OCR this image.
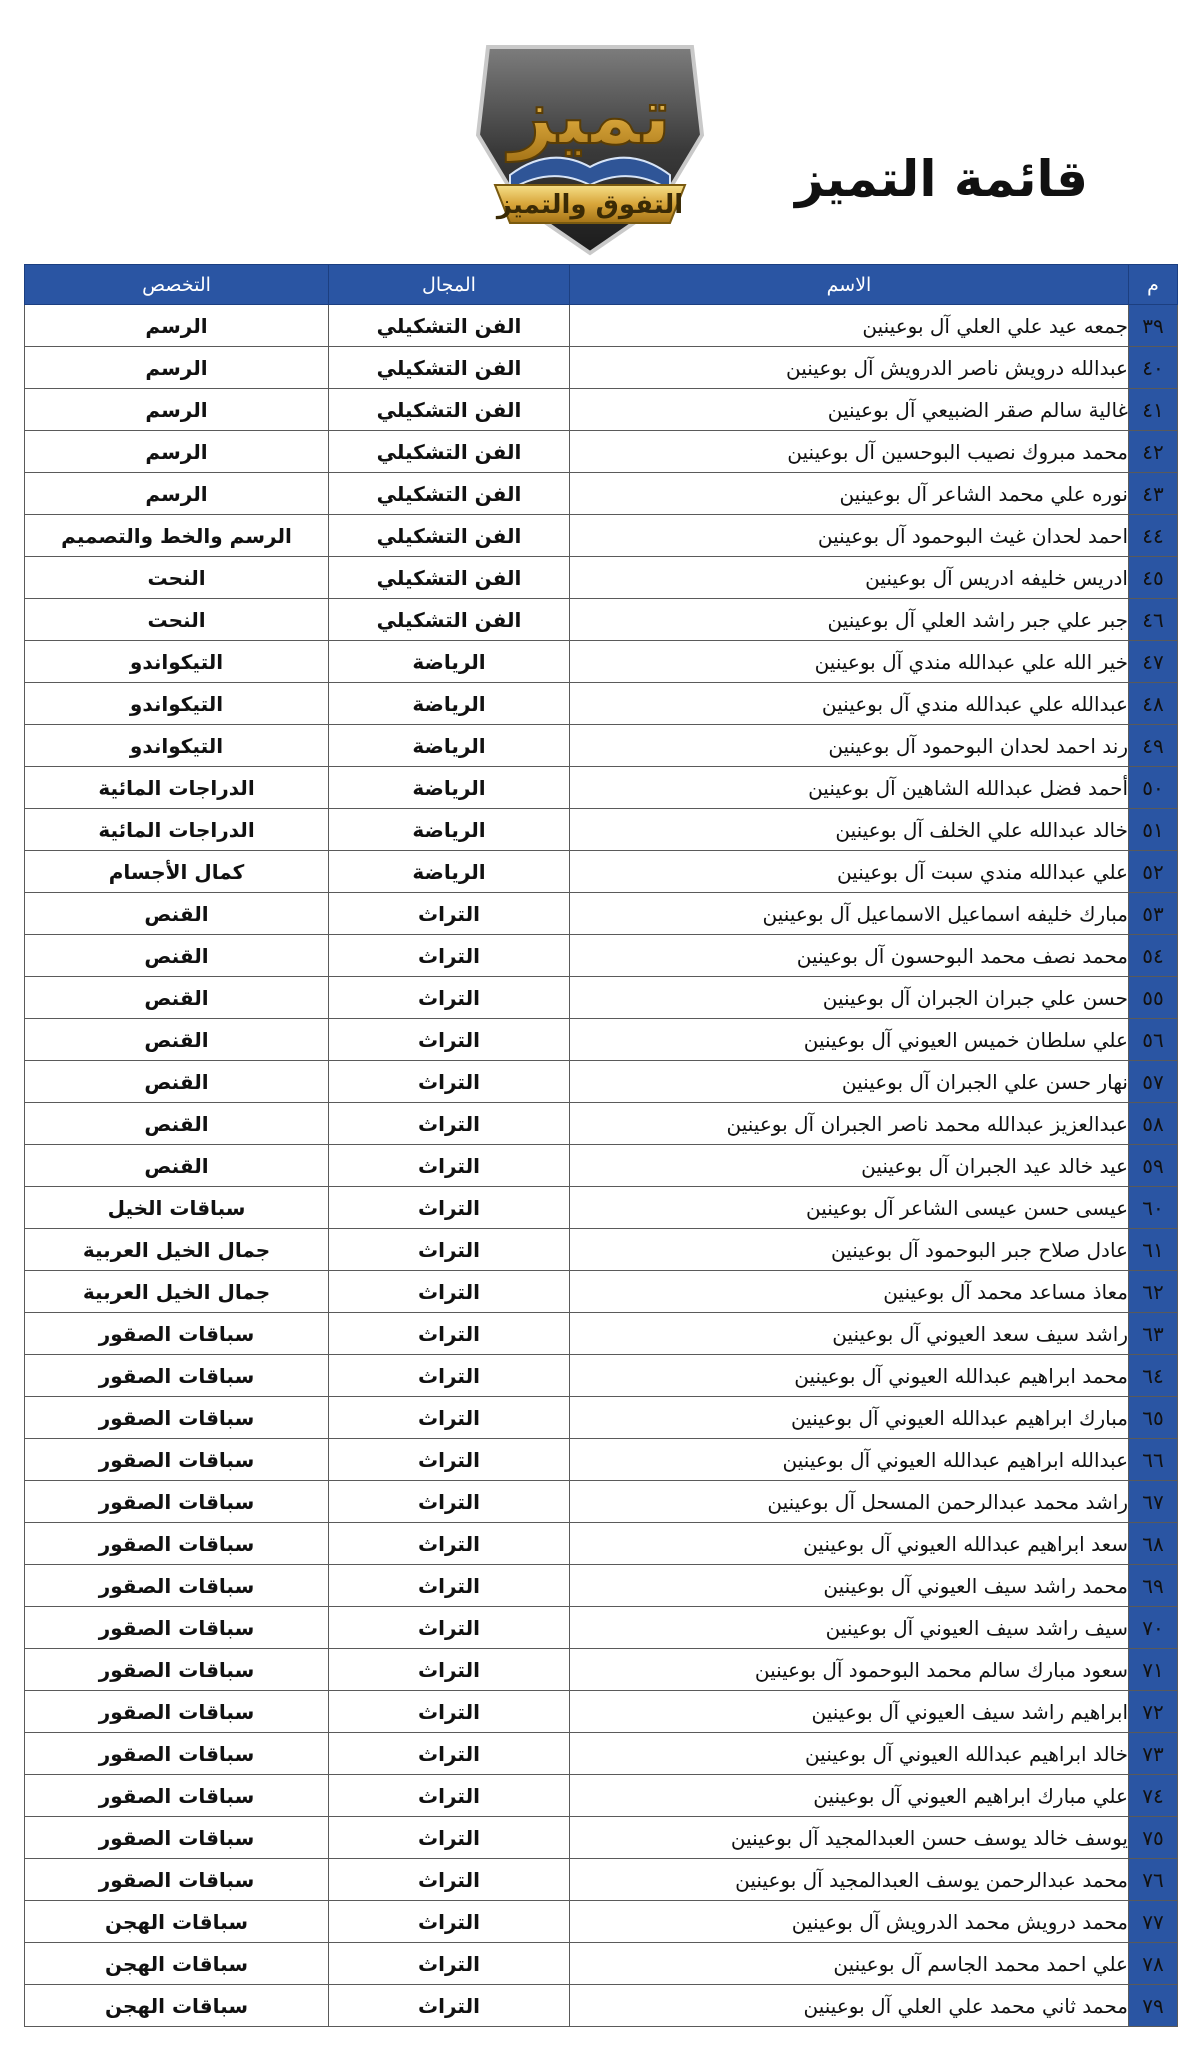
تميز
التفوق والتميز قائمة التميز
م	الاسم	المجال	التخصص
٣٩	جمعه عيد علي العلي آل بوعينين	الفن التشكيلي	الرسم
٤٠	عبدالله درويش ناصر الدرويش آل بوعينين	الفن التشكيلي	الرسم
٤١	غالية سالم صقر الضبيعي آل بوعينين	الفن التشكيلي	الرسم
٤٢	محمد مبروك نصيب البوحسين آل بوعينين	الفن التشكيلي	الرسم
٤٣	نوره علي محمد الشاعر آل بوعينين	الفن التشكيلي	الرسم
٤٤	احمد لحدان غيث البوحمود آل بوعينين	الفن التشكيلي	الرسم والخط والتصميم
٤٥	ادريس خليفه ادريس آل بوعينين	الفن التشكيلي	النحت
٤٦	جبر علي جبر راشد العلي آل بوعينين	الفن التشكيلي	النحت
٤٧	خير الله علي عبدالله مندي آل بوعينين	الرياضة	التيكواندو
٤٨	عبدالله علي عبدالله مندي آل بوعينين	الرياضة	التيكواندو
٤٩	رند احمد لحدان البوحمود آل بوعينين	الرياضة	التيكواندو
٥٠	أحمد فضل عبدالله الشاهين آل بوعينين	الرياضة	الدراجات المائية
٥١	خالد عبدالله علي الخلف آل بوعينين	الرياضة	الدراجات المائية
٥٢	علي عبدالله مندي سبت آل بوعينين	الرياضة	كمال الأجسام
٥٣	مبارك خليفه اسماعيل الاسماعيل آل بوعينين	التراث	القنص
٥٤	محمد نصف محمد البوحسون آل بوعينين	التراث	القنص
٥٥	حسن علي جبران الجبران آل بوعينين	التراث	القنص
٥٦	علي سلطان خميس العيوني آل بوعينين	التراث	القنص
٥٧	نهار حسن علي الجبران آل بوعينين	التراث	القنص
٥٨	عبدالعزيز عبدالله محمد ناصر الجبران آل بوعينين	التراث	القنص
٥٩	عيد خالد عيد الجبران آل بوعينين	التراث	القنص
٦٠	عيسى حسن عيسى الشاعر آل بوعينين	التراث	سباقات الخيل
٦١	عادل صلاح جبر البوحمود آل بوعينين	التراث	جمال الخيل العربية
٦٢	معاذ مساعد محمد آل بوعينين	التراث	جمال الخيل العربية
٦٣	راشد سيف سعد العيوني آل بوعينين	التراث	سباقات الصقور
٦٤	محمد ابراهيم عبدالله العيوني آل بوعينين	التراث	سباقات الصقور
٦٥	مبارك ابراهيم عبدالله العيوني آل بوعينين	التراث	سباقات الصقور
٦٦	عبدالله ابراهيم عبدالله العيوني آل بوعينين	التراث	سباقات الصقور
٦٧	راشد محمد عبدالرحمن المسحل آل بوعينين	التراث	سباقات الصقور
٦٨	سعد ابراهيم عبدالله العيوني آل بوعينين	التراث	سباقات الصقور
٦٩	محمد راشد سيف العيوني آل بوعينين	التراث	سباقات الصقور
٧٠	سيف راشد سيف العيوني آل بوعينين	التراث	سباقات الصقور
٧١	سعود مبارك سالم محمد البوحمود آل بوعينين	التراث	سباقات الصقور
٧٢	ابراهيم راشد سيف العيوني آل بوعينين	التراث	سباقات الصقور
٧٣	خالد ابراهيم عبدالله العيوني آل بوعينين	التراث	سباقات الصقور
٧٤	علي مبارك ابراهيم العيوني آل بوعينين	التراث	سباقات الصقور
٧٥	يوسف خالد يوسف حسن العبدالمجيد آل بوعينين	التراث	سباقات الصقور
٧٦	محمد عبدالرحمن يوسف العبدالمجيد آل بوعينين	التراث	سباقات الصقور
٧٧	محمد درويش محمد الدرويش آل بوعينين	التراث	سباقات الهجن
٧٨	علي احمد محمد الجاسم آل بوعينين	التراث	سباقات الهجن
٧٩	محمد ثاني محمد علي العلي آل بوعينين	التراث	سباقات الهجن
